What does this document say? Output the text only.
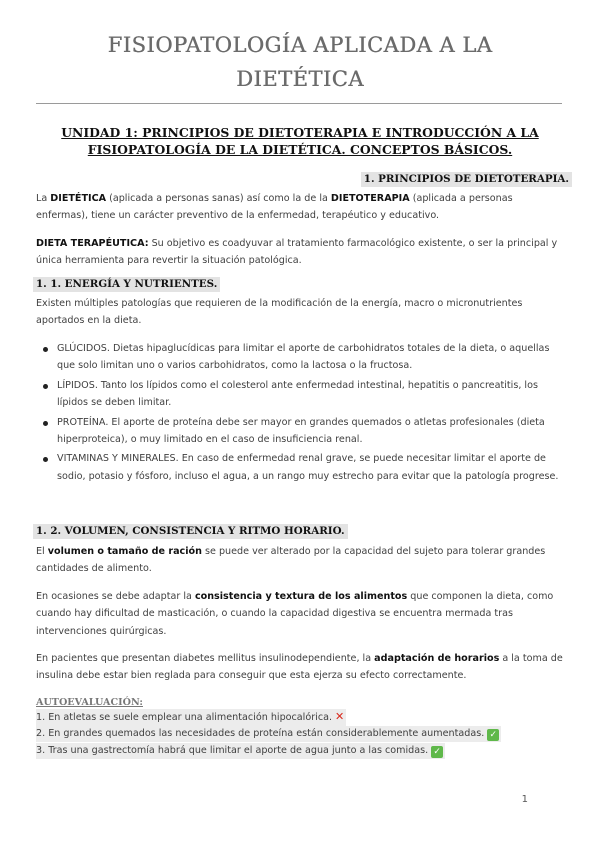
FISIOPATOLOGÍA APLICADA A LA
DIETÉTICA
UNIDAD 1: PRINCIPIOS DE DIETOTERAPIA E INTRODUCCIÓN A LA
FISIOPATOLOGÍA DE LA DIETÉTICA. CONCEPTOS BÁSICOS.
1. PRINCIPIOS DE DIETOTERAPIA.
La DIETÉTICA (aplicada a personas sanas) así como la de la DIETOTERAPIA (aplicada a personas enfermas), tiene un carácter preventivo de la enfermedad, terapéutico y educativo.
DIETA TERAPÉUTICA: Su objetivo es coadyuvar al tratamiento farmacológico existente, o ser la principal y única herramienta para revertir la situación patológica.
1. 1. ENERGÍA Y NUTRIENTES.
Existen múltiples patologías que requieren de la modificación de la energía, macro o micronutrientes aportados en la dieta.
GLÚCIDOS. Dietas hipaglucídicas para limitar el aporte de carbohidratos totales de la dieta, o aquellas que solo limitan uno o varios carbohidratos, como la lactosa o la fructosa.
LÍPIDOS. Tanto los lípidos como el colesterol ante enfermedad intestinal, hepatitis o pancreatitis, los lípidos se deben limitar.
PROTEÍNA. El aporte de proteína debe ser mayor en grandes quemados o atletas profesionales (dieta hiperproteica), o muy limitado en el caso de insuficiencia renal.
VITAMINAS Y MINERALES. En caso de enfermedad renal grave, se puede necesitar limitar el aporte de sodio, potasio y fósforo, incluso el agua, a un rango muy estrecho para evitar que la patología progrese.
1. 2. VOLUMEN, CONSISTENCIA Y RITMO HORARIO.
El volumen o tamaño de ración se puede ver alterado por la capacidad del sujeto para tolerar grandes cantidades de alimento.
En ocasiones se debe adaptar la consistencia y textura de los alimentos que componen la dieta, como cuando hay dificultad de masticación, o cuando la capacidad digestiva se encuentra mermada tras intervenciones quirúrgicas.
En pacientes que presentan diabetes mellitus insulinodependiente, la adaptación de horarios a la toma de insulina debe estar bien reglada para conseguir que esta ejerza su efecto correctamente.
AUTOEVALUACIÓN:
1. En atletas se suele emplear una alimentación hipocalórica. ✕
2. En grandes quemados las necesidades de proteína están considerablemente aumentadas. ✓
3. Tras una gastrectomía habrá que limitar el aporte de agua junto a las comidas. ✓
1
